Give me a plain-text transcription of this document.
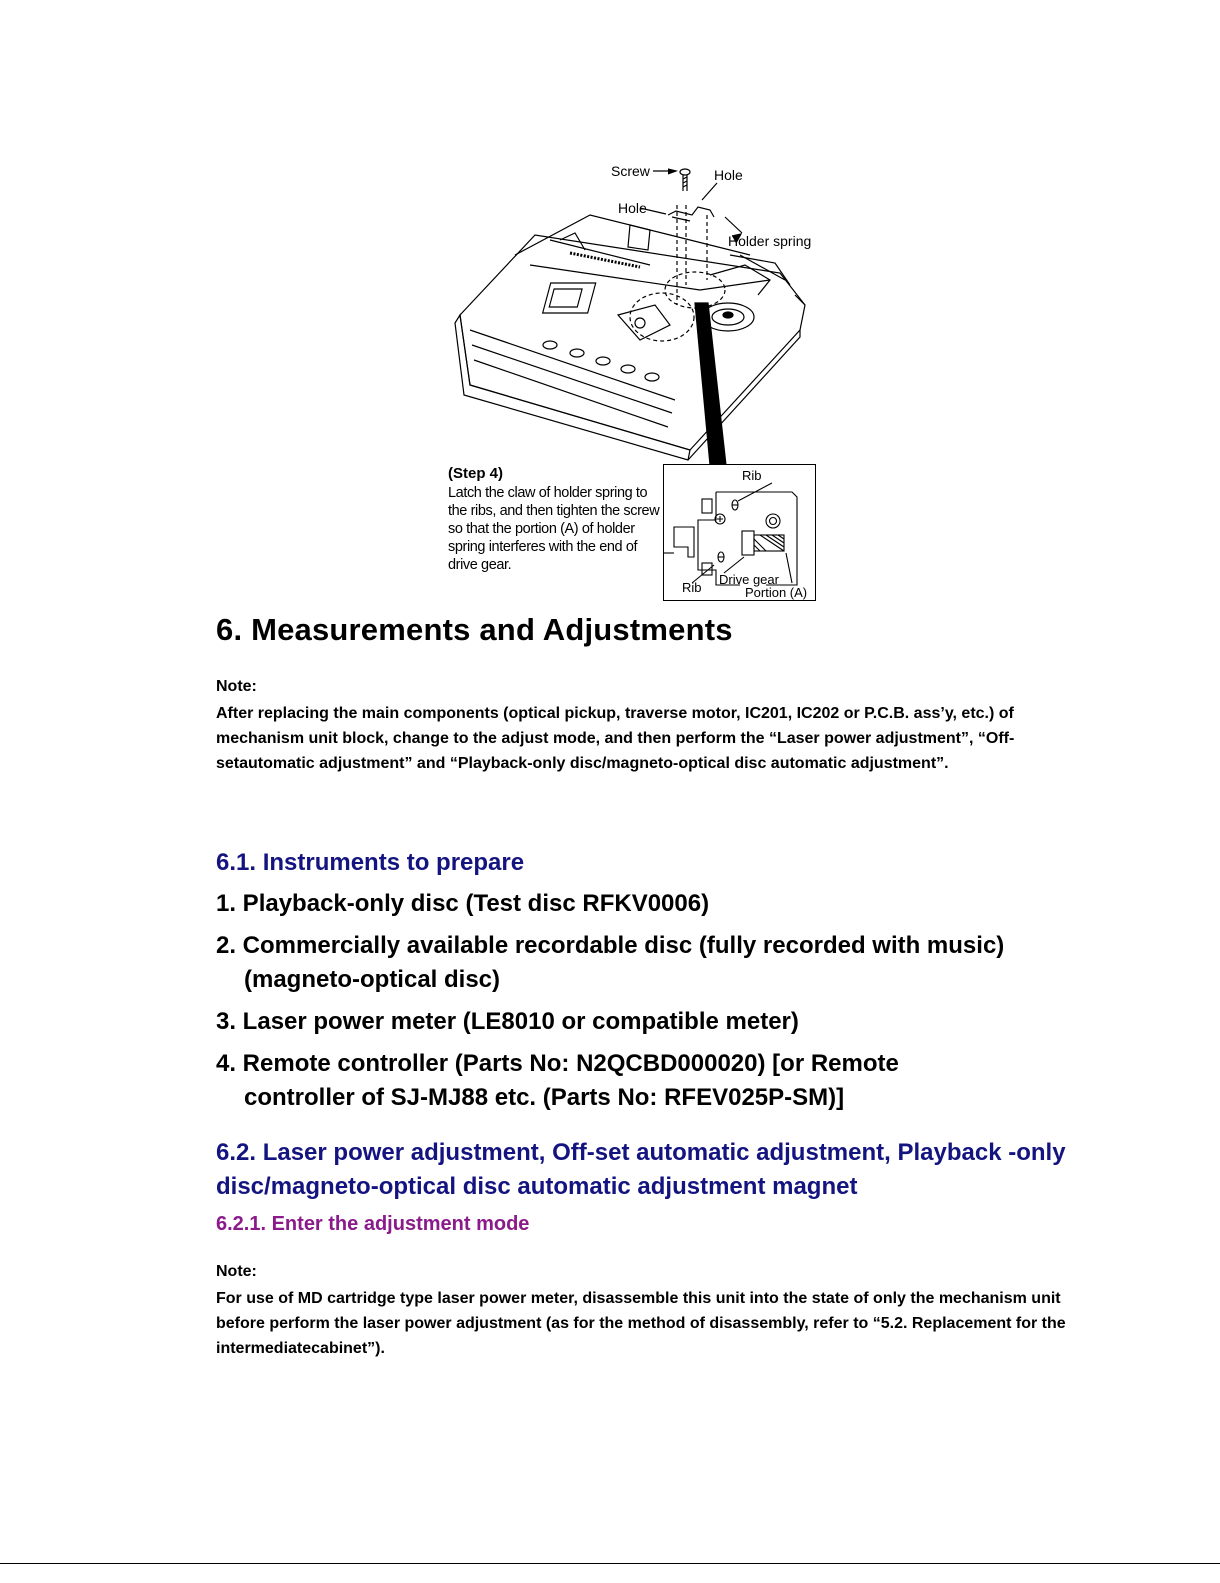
Screw	Hole
Hole
Holder spring
(Step 4)
Latch the claw of holder spring to the ribs, and then tighten the screw so that the portion (A) of holder spring interferes with the end of drive gear.
Rib
Rib
Drive gear
Portion (A)
6. Measurements and Adjustments
Note:
After replacing the main components (optical pickup, traverse motor, IC201, IC202 or P.C.B. ass’y, etc.) of mechanism unit block, change to the adjust mode, and then perform the “Laser power adjustment”, “Off-setautomatic adjustment” and “Playback-only disc/magneto-optical disc automatic adjustment”.
6.1. Instruments to prepare
1. Playback-only disc (Test disc RFKV0006)
2. Commercially available recordable disc (fully recorded with music) (magneto-optical disc)
3. Laser power meter (LE8010 or compatible meter)
4. Remote controller (Parts No: N2QCBD000020) [or Remote controller of SJ-MJ88 etc. (Parts No: RFEV025P-SM)]
6.2. Laser power adjustment, Off-set automatic adjustment, Playback -only disc/magneto-optical disc automatic adjustment magnet
6.2.1. Enter the adjustment mode
Note:
For use of MD cartridge type laser power meter, disassemble this unit into the state of only the mechanism unit before perform the laser power adjustment (as for the method of disassembly, refer to “5.2. Replacement for the intermediatecabinet”).
